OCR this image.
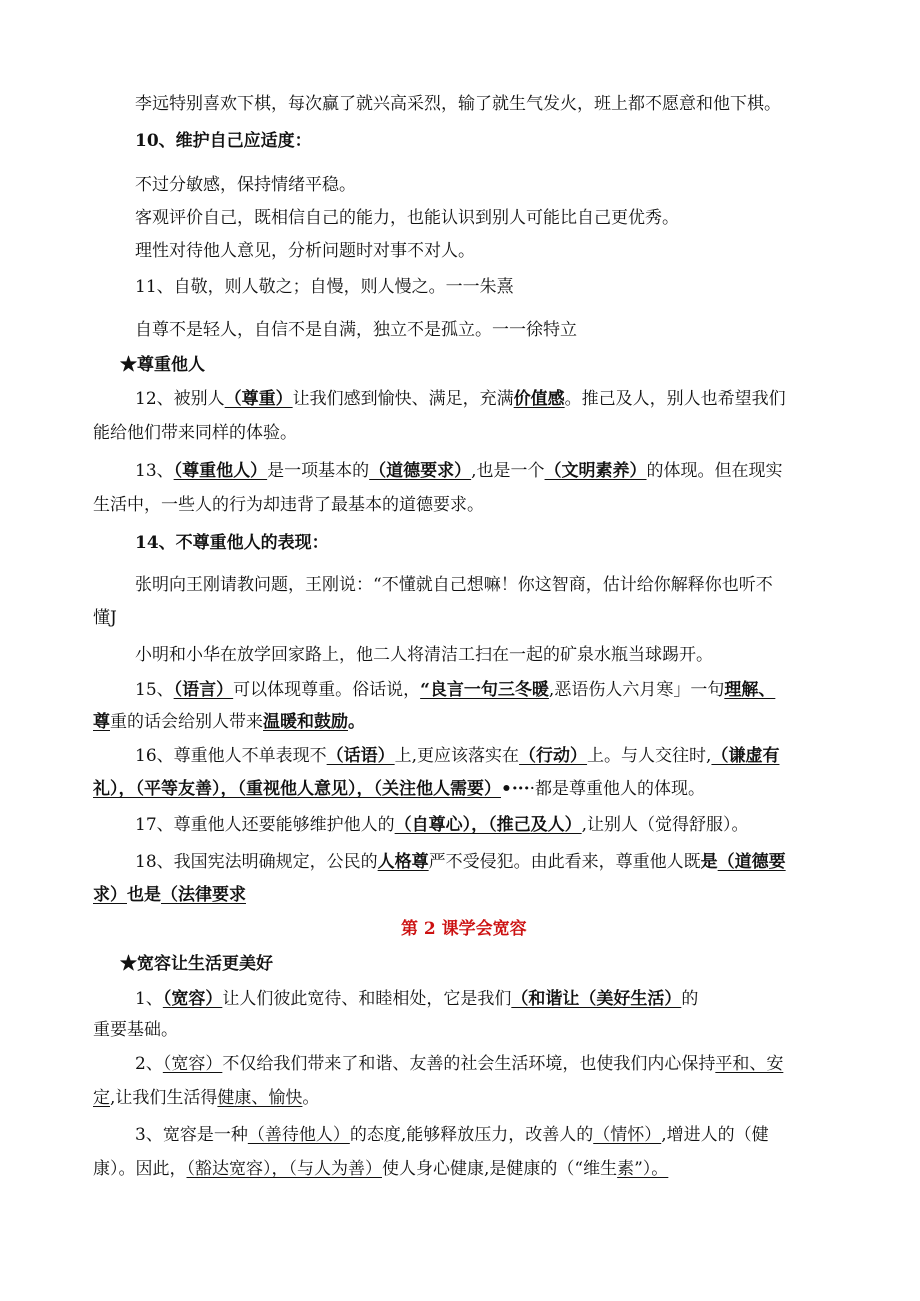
李远特别喜欢下棋，每次赢了就兴高采烈，输了就生气发火，班上都不愿意和他下棋。
10、维护自己应适度：
不过分敏感，保持情绪平稳。
客观评价自己，既相信自己的能力，也能认识到别人可能比自己更优秀。
理性对待他人意见，分析问题时对事不对人。
11、自敬，则人敬之；自慢，则人慢之。一一朱熹
自尊不是轻人，自信不是自满，独立不是孤立。一一徐特立
★尊重他人
12、被别人（尊重）让我们感到愉快、满足，充满价值感。推己及人，别人也希望我们
能给他们带来同样的体验。
13、（尊重他人）是一项基本的（道德要求）,也是一个（文明素养）的体现。但在现实
生活中，一些人的行为却违背了最基本的道德要求。
14、不尊重他人的表现：
张明向王刚请教问题，王刚说：“不懂就自己想嘛！你这智商，估计给你解释你也听不
懂J
小明和小华在放学回家路上，他二人将清洁工扫在一起的矿泉水瓶当球踢开。
15、（语言）可以体现尊重。俗话说，“良言一句三冬暖,恶语伤人六月寒」一句理解、
尊重的话会给别人带来温暖和鼓励。
16、尊重他人不单表现不（话语）上,更应该落实在（行动）上。与人交往时,（谦虚有
礼），（平等友善），（重视他人意见），（关注他人需要）•····都是尊重他人的体现。
17、尊重他人还要能够维护他人的（自尊心），（推己及人）,让别人（觉得舒服）。
18、我国宪法明确规定，公民的人格尊严不受侵犯。由此看来，尊重他人既是（道德要
求）也是（法律要求
第 2 课学会宽容
★宽容让生活更美好
1、（宽容）让人们彼此宽待、和睦相处，它是我们（和谐让（美好生活）的
重要基础。
2、（宽容）不仅给我们带来了和谐、友善的社会生活环境，也使我们内心保持平和、安
定,让我们生活得健康、愉快。
3、宽容是一种（善待他人）的态度,能够释放压力，改善人的（情怀）,增进人的（健
康）。因此，（豁达宽容），（与人为善）使人身心健康,是健康的（“维生素”）。
